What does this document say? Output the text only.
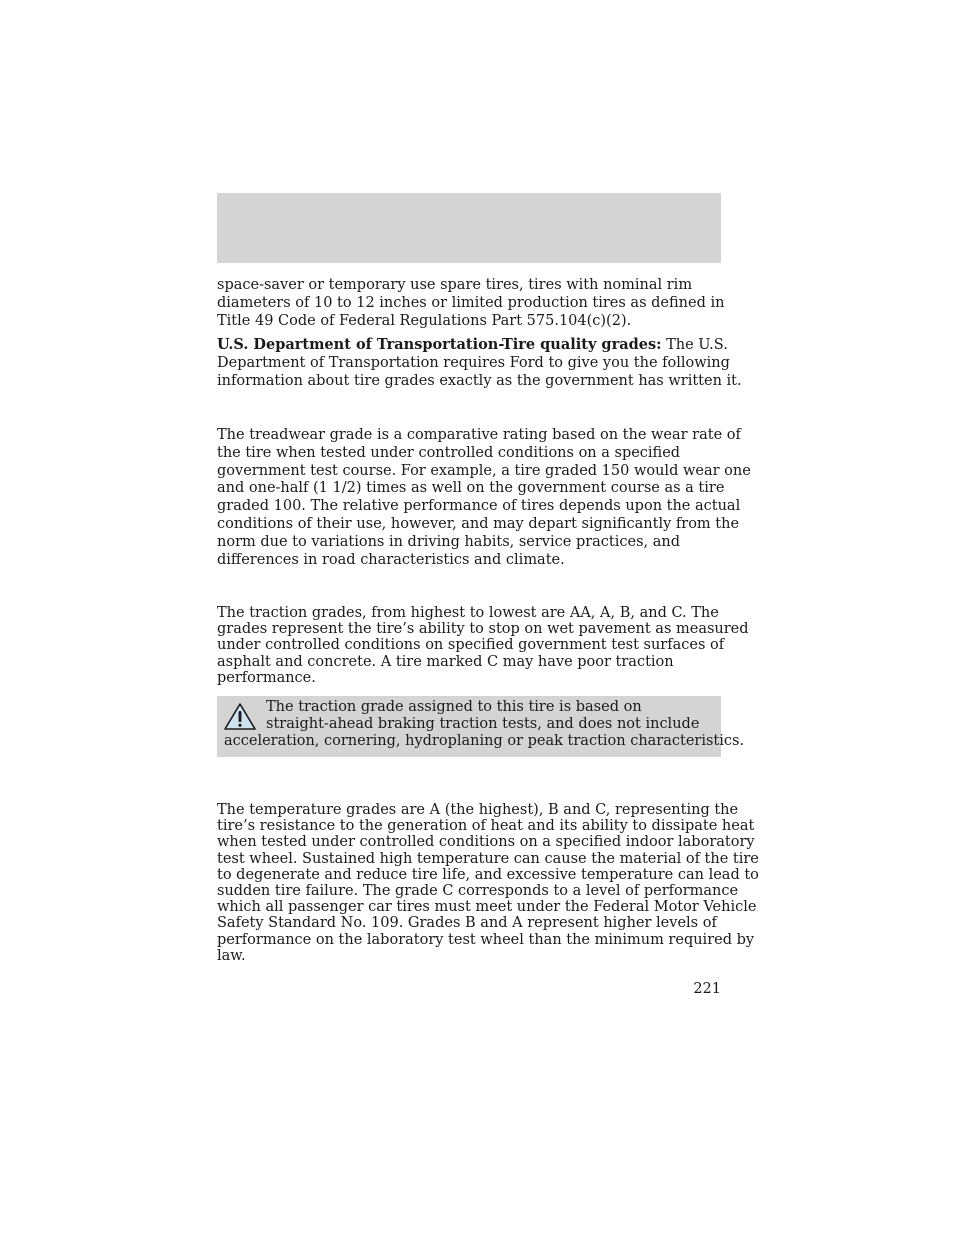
space-saver or temporary use spare tires, tires with nominal rim
diameters of 10 to 12 inches or limited production tires as defined in
Title 49 Code of Federal Regulations Part 575.104(c)(2).

U.S. Department of Transportation-Tire quality grades: The U.S.
Department of Transportation requires Ford to give you the following
information about tire grades exactly as the government has written it.

The treadwear grade is a comparative rating based on the wear rate of
the tire when tested under controlled conditions on a specified
government test course. For example, a tire graded 150 would wear one
and one-half (1 1/2) times as well on the government course as a tire
graded 100. The relative performance of tires depends upon the actual
conditions of their use, however, and may depart significantly from the
norm due to variations in driving habits, service practices, and
differences in road characteristics and climate.

The traction grades, from highest to lowest are AA, A, B, and C. The
grades represent the tire’s ability to stop on wet pavement as measured
under controlled conditions on specified government test surfaces of
asphalt and concrete. A tire marked C may have poor traction
performance.

The traction grade assigned to this tire is based on
straight-ahead braking traction tests, and does not include
acceleration, cornering, hydroplaning or peak traction characteristics.

The temperature grades are A (the highest), B and C, representing the
tire’s resistance to the generation of heat and its ability to dissipate heat
when tested under controlled conditions on a specified indoor laboratory
test wheel. Sustained high temperature can cause the material of the tire
to degenerate and reduce tire life, and excessive temperature can lead to
sudden tire failure. The grade C corresponds to a level of performance
which all passenger car tires must meet under the Federal Motor Vehicle
Safety Standard No. 109. Grades B and A represent higher levels of
performance on the laboratory test wheel than the minimum required by
law.

221
